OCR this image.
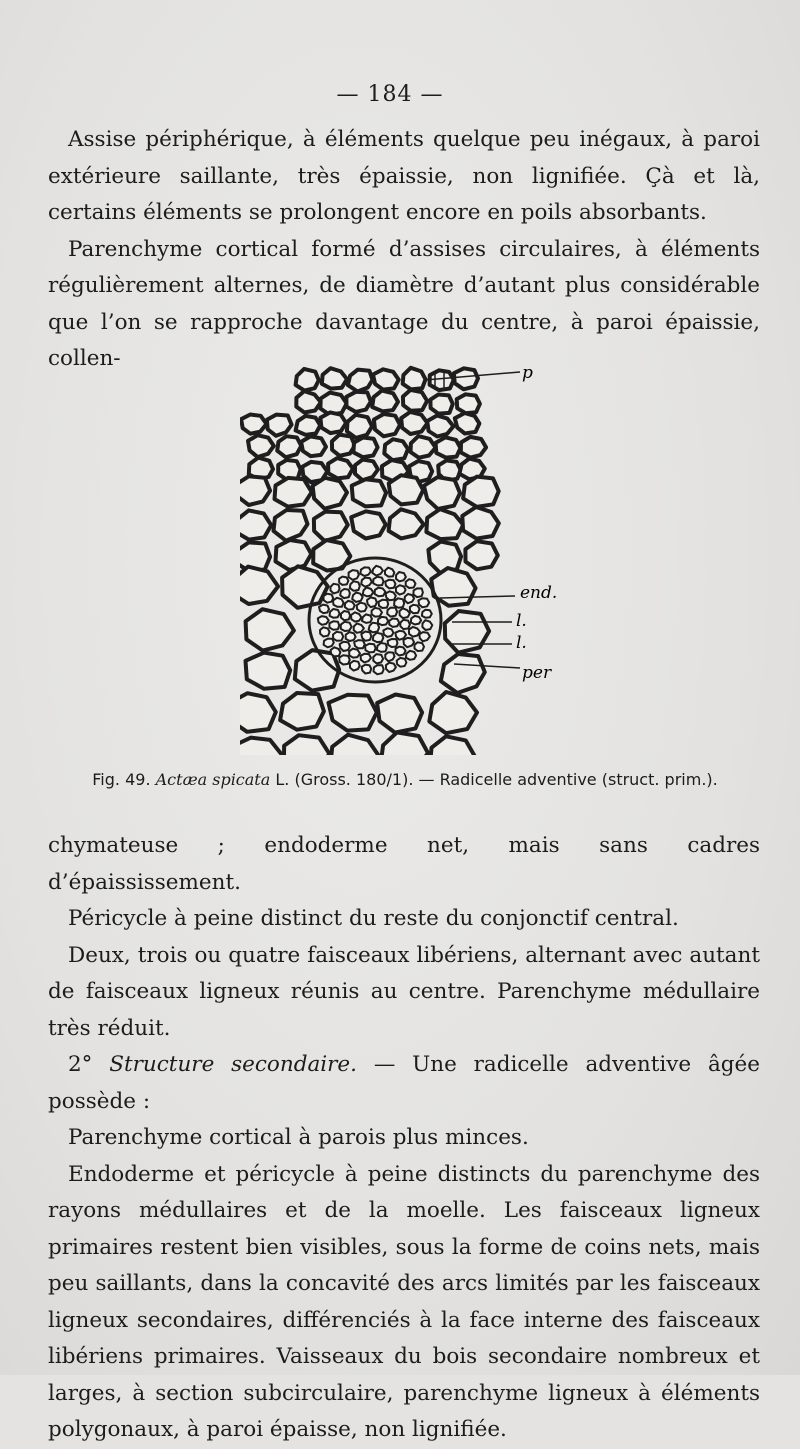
— 184 —

Assise périphérique, à éléments quelque peu inégaux, à paroi extérieure saillante, très épaissie, non lignifiée. Çà et là, certains éléments se prolongent encore en poils absorbants.

Parenchyme cortical formé d’assises circulaires, à éléments régulièrement alternes, de diamètre d’autant plus considérable que l’on se rapproche davantage du centre, à paroi épaissie, collen-

p
end.
l.
l.
per
Fig. 49. Actæa spicata L. (Gross. 180/1). — Radicelle adventive (struct. prim.).

chymateuse ; endoderme net, mais sans cadres d’épaississement.

Péricycle à peine distinct du reste du conjonctif central.

Deux, trois ou quatre faisceaux libériens, alternant avec autant de faisceaux ligneux réunis au centre. Parenchyme médullaire très réduit.

2° Structure secondaire. — Une radicelle adventive âgée possède :

Parenchyme cortical à parois plus minces.

Endoderme et péricycle à peine distincts du parenchyme des rayons médullaires et de la moelle. Les faisceaux ligneux primaires restent bien visibles, sous la forme de coins nets, mais peu saillants, dans la concavité des arcs limités par les faisceaux ligneux secondaires, différenciés à la face interne des faisceaux libériens primaires. Vaisseaux du bois secondaire nombreux et larges, à section subcirculaire, parenchyme ligneux à éléments polygonaux, à paroi épaisse, non lignifiée.
